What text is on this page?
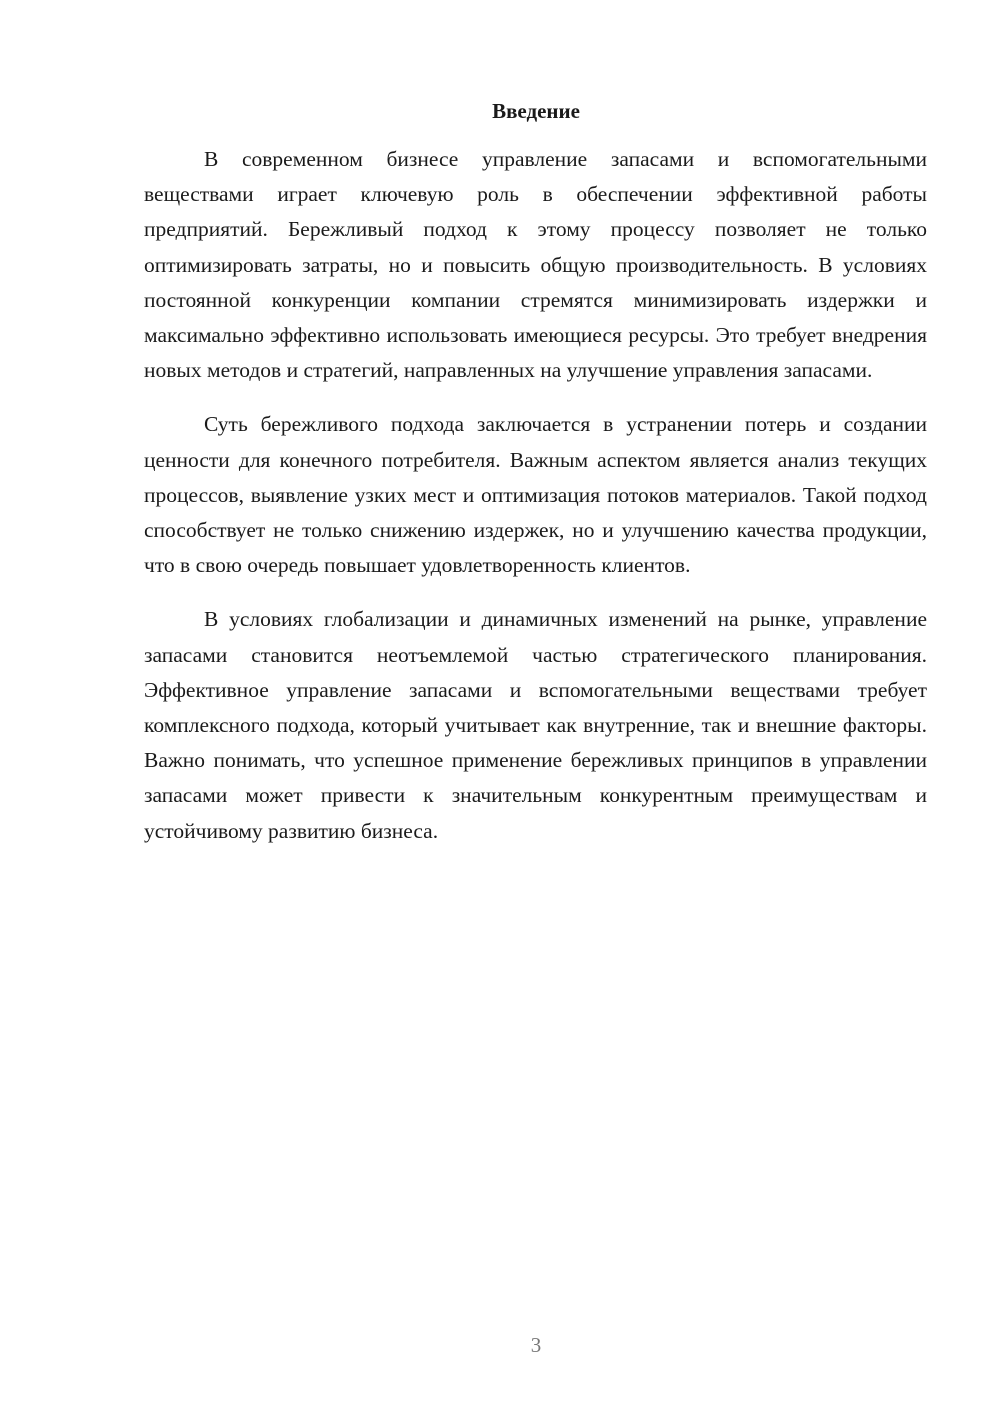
Введение

В современном бизнесе управление запасами и вспомогательными веществами играет ключевую роль в обеспечении эффективной работы предприятий. Бережливый подход к этому процессу позволяет не только оптимизировать затраты, но и повысить общую производительность. В условиях постоянной конкуренции компании стремятся минимизировать издержки и максимально эффективно использовать имеющиеся ресурсы. Это требует внедрения новых методов и стратегий, направленных на улучшение управления запасами.

Суть бережливого подхода заключается в устранении потерь и создании ценности для конечного потребителя. Важным аспектом является анализ текущих процессов, выявление узких мест и оптимизация потоков материалов. Такой подход способствует не только снижению издержек, но и улучшению качества продукции, что в свою очередь повышает удовлетворенность клиентов.

В условиях глобализации и динамичных изменений на рынке, управление запасами становится неотъемлемой частью стратегического планирования. Эффективное управление запасами и вспомогательными веществами требует комплексного подхода, который учитывает как внутренние, так и внешние факторы. Важно понимать, что успешное применение бережливых принципов в управлении запасами может привести к значительным конкурентным преимуществам и устойчивому развитию бизнеса.

3
